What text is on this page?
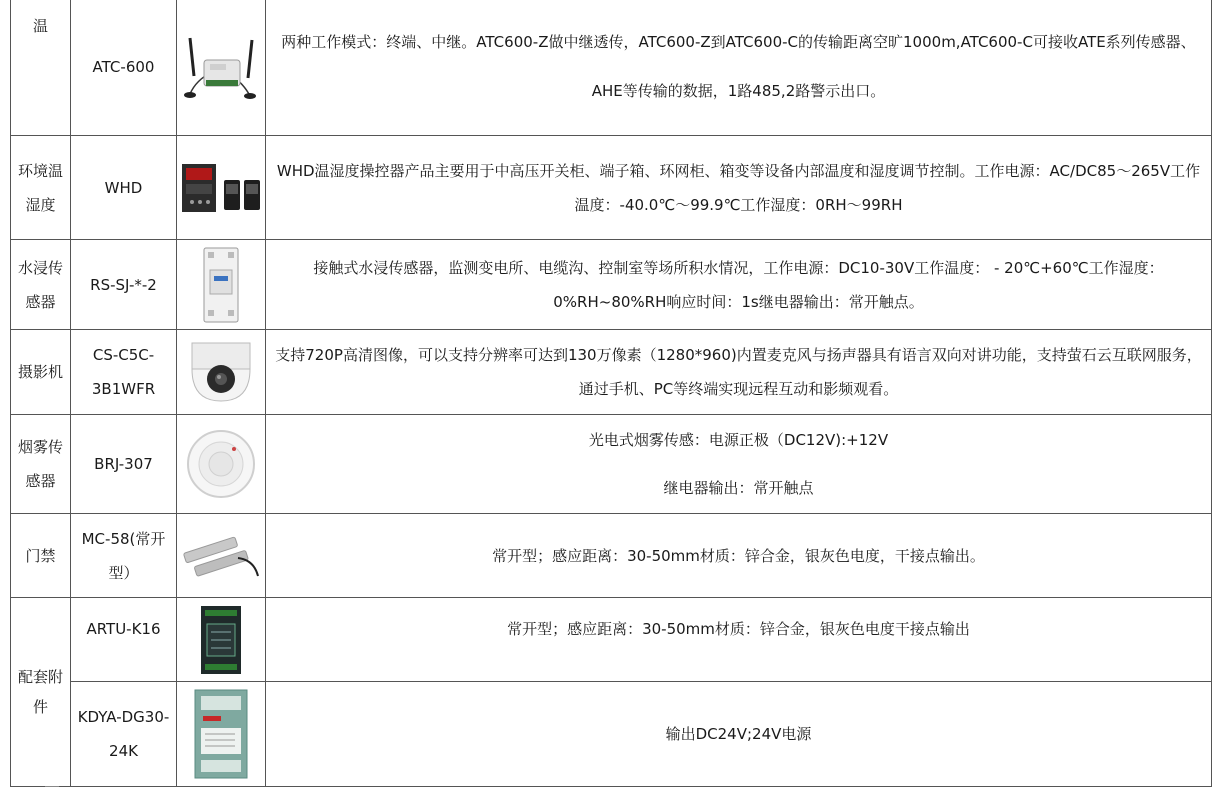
温	ATC-600		两种工作模式：终端、中继。ATC600-Z做中继透传，ATC600-Z到ATC600-C的传输距离空旷1000m,ATC600-C可接收ATE系列传感器、

AHE等传输的数据，1路485,2路警示出口。

环境温湿度	WHD		WHD温湿度操控器产品主要用于中高压开关柜、端子箱、环网柜、箱变等设备内部温度和湿度调节控制。工作电源：AC/DC85～265V工作温度：-40.0℃～99.9℃工作湿度：0RH～99RH

水浸传感器	RS-SJ-*-2		接触式水浸传感器，监测变电所、电缆沟、控制室等场所积水情况，工作电源：DC10-30V工作温度： - 20℃+60℃工作湿度：0%RH~80%RH响应时间：1s继电器输出：常开触点。

摄影机	CS-C5C-3B1WFR		支持720P高清图像，可以支持分辨率可达到130万像素（1280*960)内置麦克风与扬声器具有语言双向对讲功能，支持萤石云互联网服务，通过手机、PC等终端实现远程互动和影频观看。

烟雾传感器	BRJ-307		光电式烟雾传感：电源正极（DC12V):+12V

继电器输出：常开触点

门禁	MC-58(常开型）		常开型；感应距离：30-50mm材质：锌合金，银灰色电度，干接点输出。

配套附件	ARTU-K16		常开型；感应距离：30-50mm材质：锌合金，银灰色电度干接点输出

	KDYA-DG30-24K		输出DC24V;24V电源
